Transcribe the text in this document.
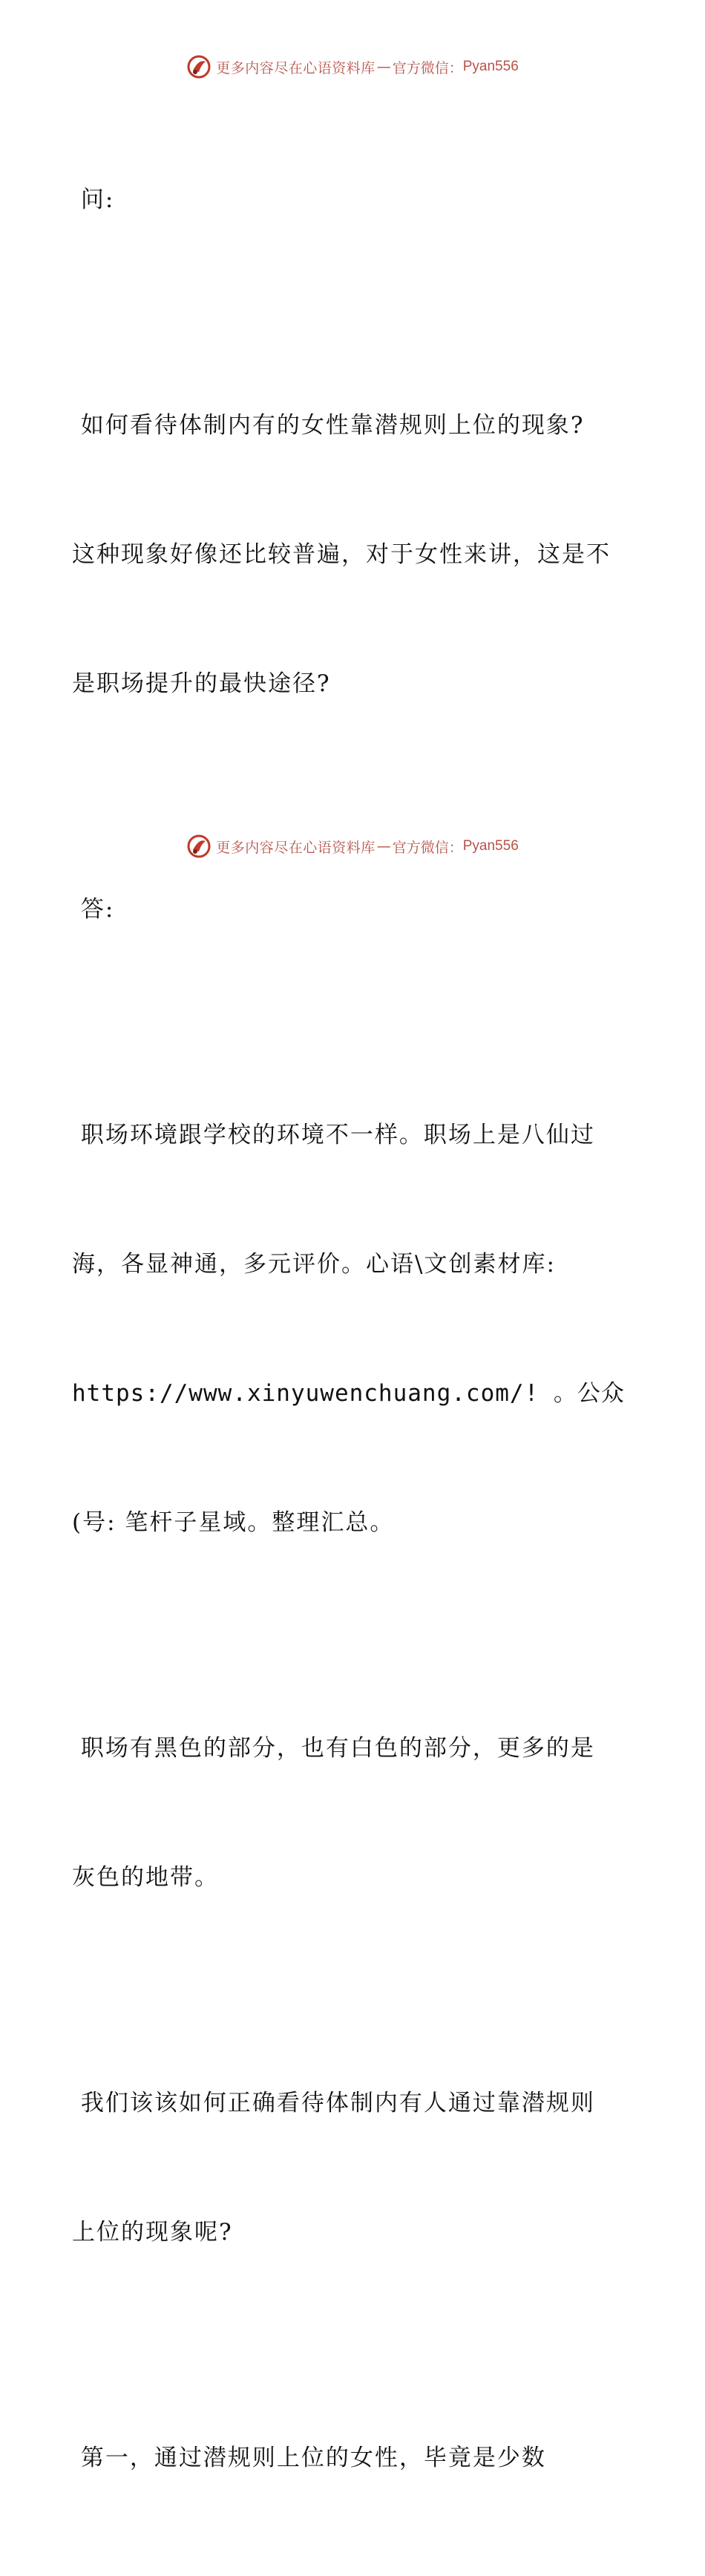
更多内容尽在心语资料库 — 官方微信： Pyan556

问:

如何看待体制内有的女性靠潜规则上位的现象?

这种现象好像还比较普遍，对于女性来讲，这是不

是职场提升的最快途径?

答:

职场环境跟学校的环境不一样。职场上是八仙过

海，各显神通，多元评价。心语\文创素材库:

https://www.xinyuwenchuang.com/! 。公众

(号: 笔杆子星域。整理汇总。

职场有黑色的部分，也有白色的部分，更多的是

灰色的地带。

我们该该如何正确看待体制内有人通过靠潜规则

上位的现象呢?

第一，通过潜规则上位的女性，毕竟是少数

更多内容尽在心语资料库 — 官方微信： Pyan556
